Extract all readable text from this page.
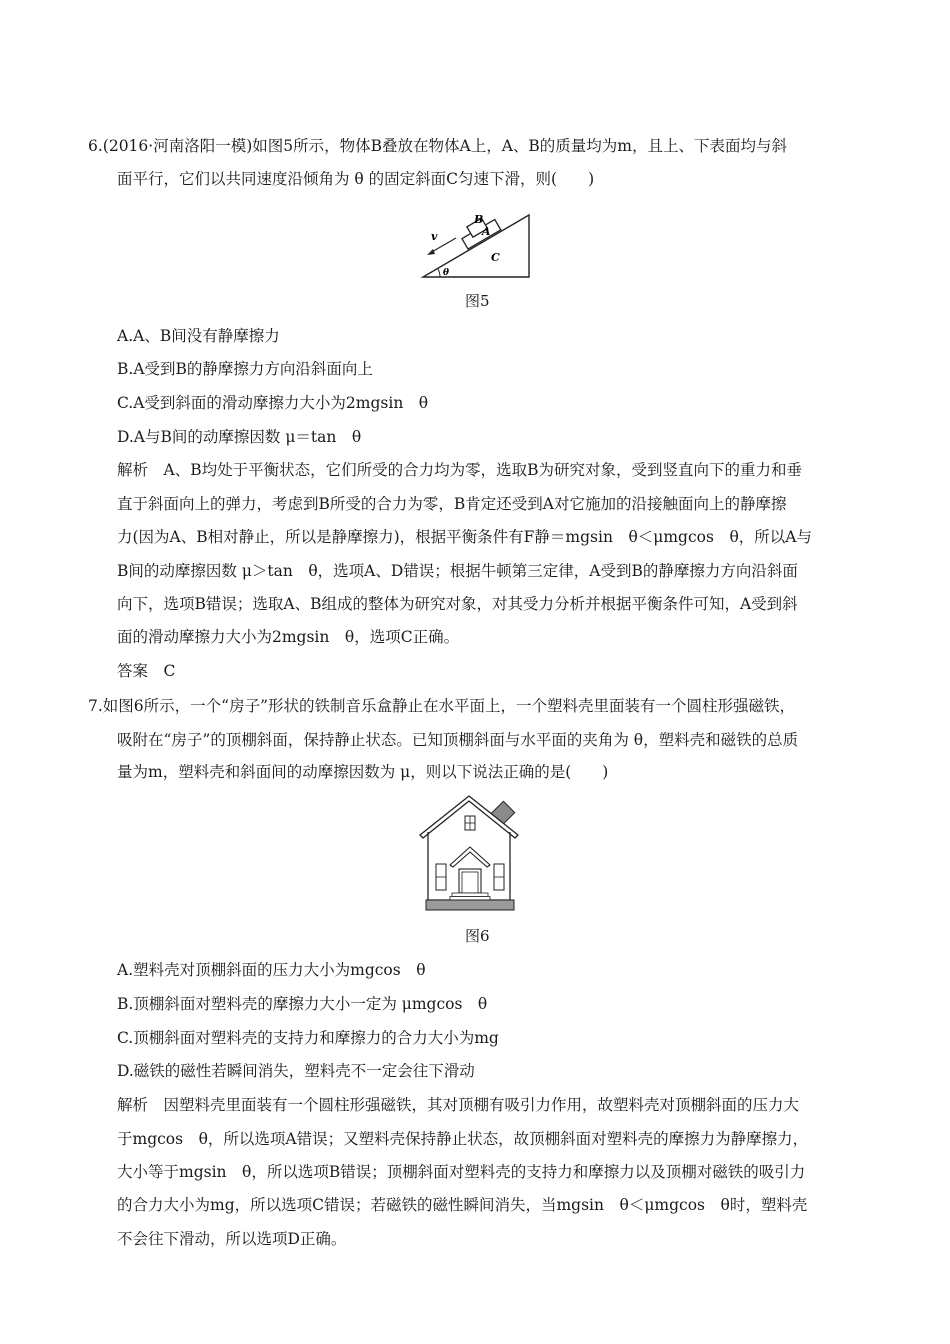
6.(2016·河南洛阳一模)如图5所示，物体B叠放在物体A上，A、B的质量均为m，且上、下表面均与斜
面平行，它们以共同速度沿倾角为 θ 的固定斜面C匀速下滑，则(　　)
B
A
C
v
θ
图5
A.A、B间没有静摩擦力
B.A受到B的静摩擦力方向沿斜面向上
C.A受到斜面的滑动摩擦力大小为2mgsin　θ
D.A与B间的动摩擦因数 μ＝tan　θ
解析　A、B均处于平衡状态，它们所受的合力均为零，选取B为研究对象，受到竖直向下的重力和垂
直于斜面向上的弹力，考虑到B所受的合力为零，B肯定还受到A对它施加的沿接触面向上的静摩擦
力(因为A、B相对静止，所以是静摩擦力)，根据平衡条件有F静＝mgsin　θ＜μmgcos　θ，所以A与
B间的动摩擦因数 μ＞tan　θ，选项A、D错误；根据牛顿第三定律，A受到B的静摩擦力方向沿斜面
向下，选项B错误；选取A、B组成的整体为研究对象，对其受力分析并根据平衡条件可知，A受到斜
面的滑动摩擦力大小为2mgsin　θ，选项C正确。
答案　C
7.如图6所示，一个“房子”形状的铁制音乐盒静止在水平面上，一个塑料壳里面装有一个圆柱形强磁铁，
吸附在“房子”的顶棚斜面，保持静止状态。已知顶棚斜面与水平面的夹角为 θ，塑料壳和磁铁的总质
量为m，塑料壳和斜面间的动摩擦因数为 μ，则以下说法正确的是(　　)
图6
A.塑料壳对顶棚斜面的压力大小为mgcos　θ
B.顶棚斜面对塑料壳的摩擦力大小一定为 μmgcos　θ
C.顶棚斜面对塑料壳的支持力和摩擦力的合力大小为mg
D.磁铁的磁性若瞬间消失，塑料壳不一定会往下滑动
解析　因塑料壳里面装有一个圆柱形强磁铁，其对顶棚有吸引力作用，故塑料壳对顶棚斜面的压力大
于mgcos　θ，所以选项A错误；又塑料壳保持静止状态，故顶棚斜面对塑料壳的摩擦力为静摩擦力，
大小等于mgsin　θ，所以选项B错误；顶棚斜面对塑料壳的支持力和摩擦力以及顶棚对磁铁的吸引力
的合力大小为mg，所以选项C错误；若磁铁的磁性瞬间消失，当mgsin　θ＜μmgcos　θ时，塑料壳
不会往下滑动，所以选项D正确。
